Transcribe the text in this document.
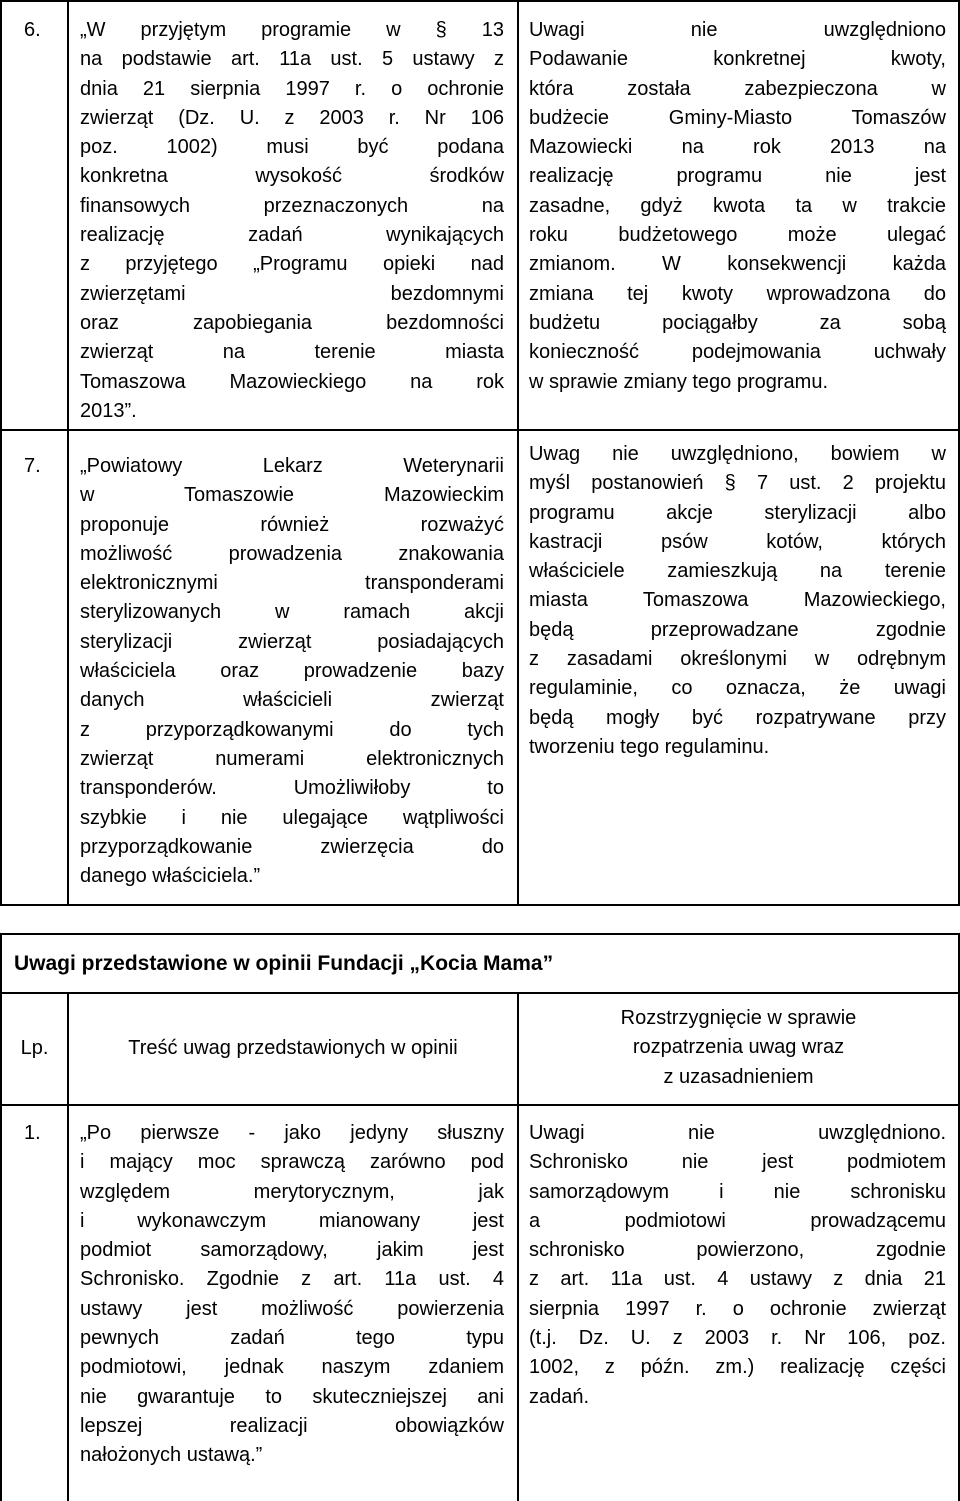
6. „W przyjętym programie w § 13
na podstawie art. 11a ust. 5 ustawy z
dnia 21 sierpnia 1997 r. o ochronie
zwierząt (Dz. U. z 2003 r. Nr 106
poz. 1002) musi być podana
konkretna wysokość środków
finansowych przeznaczonych na
realizację zadań wynikających
z przyjętego „Programu opieki nad
zwierzętami bezdomnymi
oraz zapobiegania bezdomności
zwierząt na terenie miasta
Tomaszowa Mazowieckiego na rok
2013”.
Uwagi nie uwzględniono
Podawanie konkretnej kwoty,
która została zabezpieczona w
budżecie Gminy-Miasto Tomaszów
Mazowiecki na rok 2013 na
realizację programu nie jest
zasadne, gdyż kwota ta w trakcie
roku budżetowego może ulegać
zmianom. W konsekwencji każda
zmiana tej kwoty wprowadzona do
budżetu pociągałby za sobą
konieczność podejmowania uchwały
w sprawie zmiany tego programu.
7. „Powiatowy Lekarz Weterynarii
w Tomaszowie Mazowieckim
proponuje również rozważyć
możliwość prowadzenia znakowania
elektronicznymi transponderami
sterylizowanych w ramach akcji
sterylizacji zwierząt posiadających
właściciela oraz prowadzenie bazy
danych właścicieli zwierząt
z przyporządkowanymi do tych
zwierząt numerami elektronicznych
transponderów. Umożliwiłoby to
szybkie i nie ulegające wątpliwości
przyporządkowanie zwierzęcia do
danego właściciela.”
Uwag nie uwzględniono, bowiem w
myśl postanowień § 7 ust. 2 projektu
programu akcje sterylizacji albo
kastracji psów kotów, których
właściciele zamieszkują na terenie
miasta Tomaszowa Mazowieckiego,
będą przeprowadzane zgodnie
z zasadami określonymi w odrębnym
regulaminie, co oznacza, że uwagi
będą mogły być rozpatrywane przy
tworzeniu tego regulaminu.
Uwagi przedstawione w opinii Fundacji „Kocia Mama”
Lp.	Treść uwag przedstawionych w opinii
Rozstrzygnięcie w sprawie
rozpatrzenia uwag wraz
z uzasadnieniem
1. „Po pierwsze - jako jedyny słuszny
i mający moc sprawczą zarówno pod
względem merytorycznym, jak
i wykonawczym mianowany jest
podmiot samorządowy, jakim jest
Schronisko. Zgodnie z art. 11a ust. 4
ustawy jest możliwość powierzenia
pewnych zadań tego typu
podmiotowi, jednak naszym zdaniem
nie gwarantuje to skuteczniejszej ani
lepszej realizacji obowiązków
nałożonych ustawą.”
Uwagi nie uwzględniono.
Schronisko nie jest podmiotem
samorządowym i nie schronisku
a podmiotowi prowadzącemu
schronisko powierzono, zgodnie
z art. 11a ust. 4 ustawy z dnia 21
sierpnia 1997 r. o ochronie zwierząt
(t.j. Dz. U. z 2003 r. Nr 106, poz.
1002, z późn. zm.) realizację części
zadań.
